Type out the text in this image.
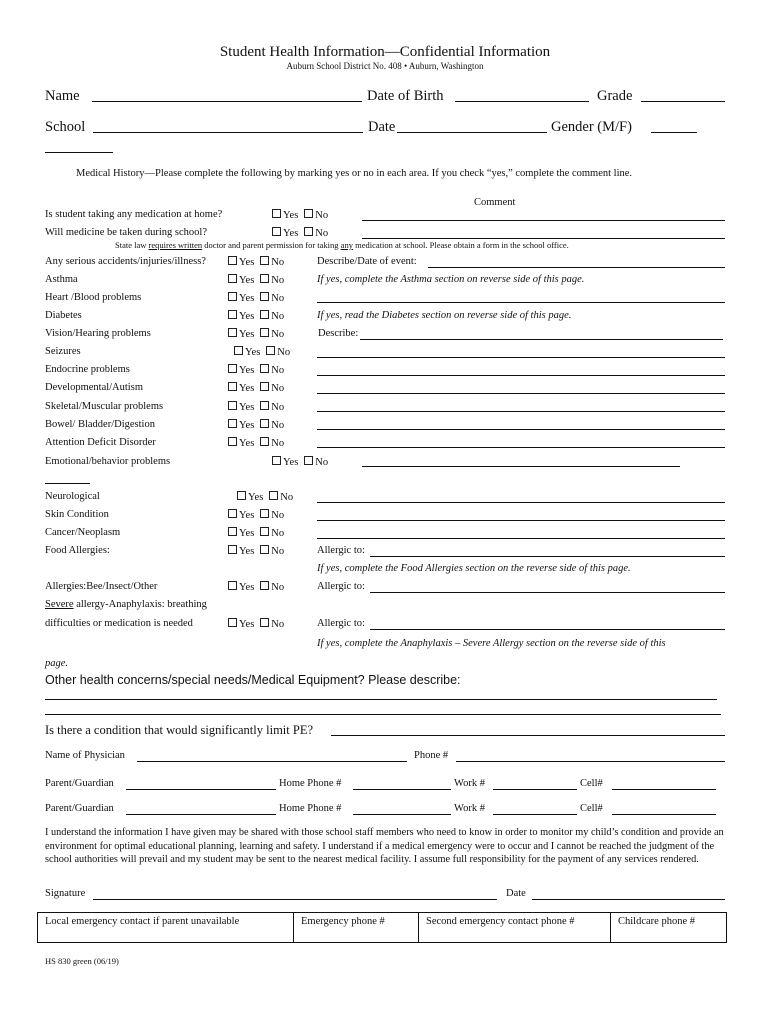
Student Health Information—Confidential Information
Auburn School District No. 408 • Auburn, Washington
Name	Date of Birth	Grade
School	Date	Gender (M/F)
Medical History—Please complete the following by marking yes or no in each area. If you check “yes,” complete the comment line.
Comment
Is student taking any medication at home?	Yes No
Will medicine be taken during school?	Yes No
State law requires written doctor and parent permission for taking any medication at school. Please obtain a form in the school office.
Any serious accidents/injuries/illness?	Yes No	Describe/Date of event:
Asthma	Yes No	If yes, complete the Asthma section on reverse side of this page.
Heart /Blood problems	Yes No
Diabetes	Yes No	If yes, read the Diabetes section on reverse side of this page.
Vision/Hearing problems	Yes No	Describe:
Seizures	Yes No
Endocrine problems	Yes No
Developmental/Autism	Yes No
Skeletal/Muscular problems	Yes No
Bowel/ Bladder/Digestion	Yes No
Attention Deficit Disorder	Yes No
Emotional/behavior problems	Yes No
Neurological	Yes No
Skin Condition	Yes No
Cancer/Neoplasm	Yes No
Food Allergies:	Yes No	Allergic to:
If yes, complete the Food Allergies section on the reverse side of this page.
Allergies:Bee/Insect/Other	Yes No	Allergic to:
Severe allergy-Anaphylaxis: breathing
difficulties or medication is needed	Yes No	Allergic to:
If yes, complete the Anaphylaxis – Severe Allergy section on the reverse side of this
page.
Other health concerns/special needs/Medical Equipment? Please describe:
Is there a condition that would significantly limit PE?
Name of Physician	Phone #
Parent/Guardian	Home Phone #	Work #	Cell#
Parent/Guardian	Home Phone #	Work #	Cell#
I understand the information I have given may be shared with those school staff members who need to know in order to monitor my child’s condition and provide an environment for optimal educational planning, learning and safety. I understand if a medical emergency were to occur and I cannot be reached the judgment of the school authorities will prevail and my student may be sent to the nearest medical facility. I assume full responsibility for the payment of any services rendered.
Signature	Date
Local emergency contact if parent unavailable	Emergency phone #	Second emergency contact phone #	Childcare phone #
HS 830 green (06/19)
